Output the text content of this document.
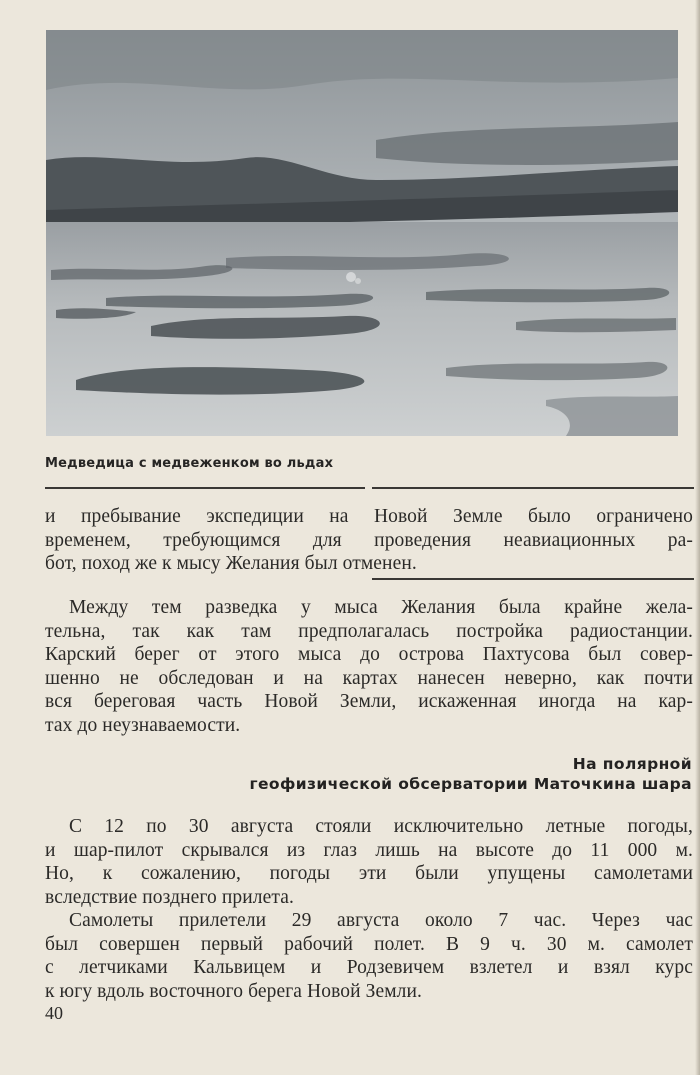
Медведица с медвеженком во льдах
и пребывание экспедиции на Новой Земле было ограничено
временем, требующимся для проведения неавиационных ра-
бот, поход же к мысу Желания был отменен.
Между тем разведка у мыса Желания была крайне жела-
тельна, так как там предполагалась постройка радиостанции.
Карский берег от этого мыса до острова Пахтусова был совер-
шенно не обследован и на картах нанесен неверно, как почти
вся береговая часть Новой Земли, искаженная иногда на кар-
тах до неузнаваемости.
На полярной
геофизической обсерватории Маточкина шара
С 12 по 30 августа стояли исключительно летные погоды,
и шар-пилот скрывался из глаз лишь на высоте до 11 000 м.
Но, к сожалению, погоды эти были упущены самолетами
вследствие позднего прилета.
Самолеты прилетели 29 августа около 7 час. Через час
был совершен первый рабочий полет. В 9 ч. 30 м. самолет
с летчиками Кальвицем и Родзевичем взлетел и взял курс
к югу вдоль восточного берега Новой Земли.
40
